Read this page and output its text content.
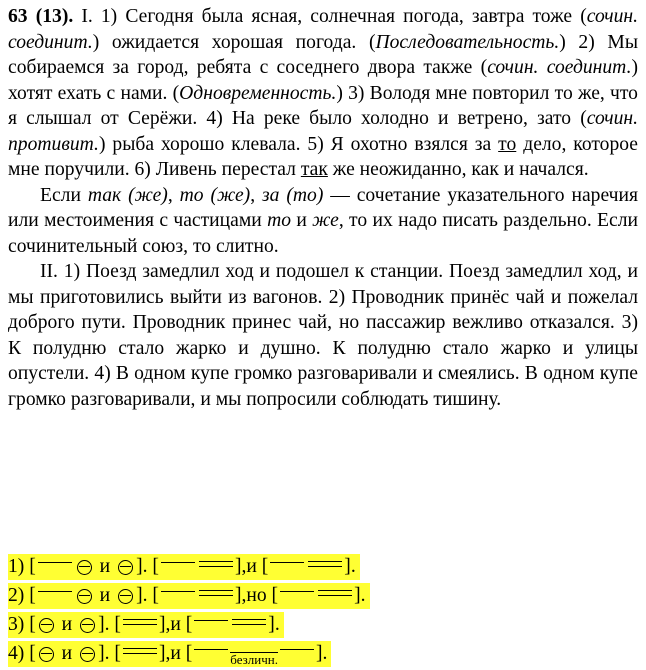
63 (13). I. 1) Сегодня была ясная, солнечная погода, завтра тоже (сочин. соединит.) ожидается хорошая погода. (Последовательность.) 2) Мы собираемся за город, ребята с соседнего двора также (сочин. соединит.) хотят ехать с нами. (Одновременность.) 3) Володя мне повторил то же, что я слышал от Серёжи. 4) На реке было холодно и ветрено, зато (сочин. противит.) рыба хорошо клевала. 5) Я охотно взялся за то дело, которое мне поручили. 6) Ливень перестал так же неожиданно, как и начался.

Если так (же), то (же), за (то) — сочетание указательного наречия или местоимения с частицами то и же, то их надо писать раздельно. Если сочинительный союз, то слитно.

II. 1) Поезд замедлил ход и подошел к станции. Поезд замедлил ход, и мы приготовились выйти из вагонов. 2) Проводник принёс чай и пожелал доброго пути. Проводник принес чай, но пассажир вежливо отказался. 3) К полудню стало жарко и душно. К полудню стало жарко и улицы опустели. 4) В одном купе громко разговаривали и смеялись. В одном купе громко разговаривали, и мы попросили соблюдать тишину.

1) [
	и
]. [	] ,и [	].
2) [
	и
]. [	] ,но [	].
3) [
и
]. [ ] ,и [	].
4) [
и
]. [ ] ,и [	безличн. ].
